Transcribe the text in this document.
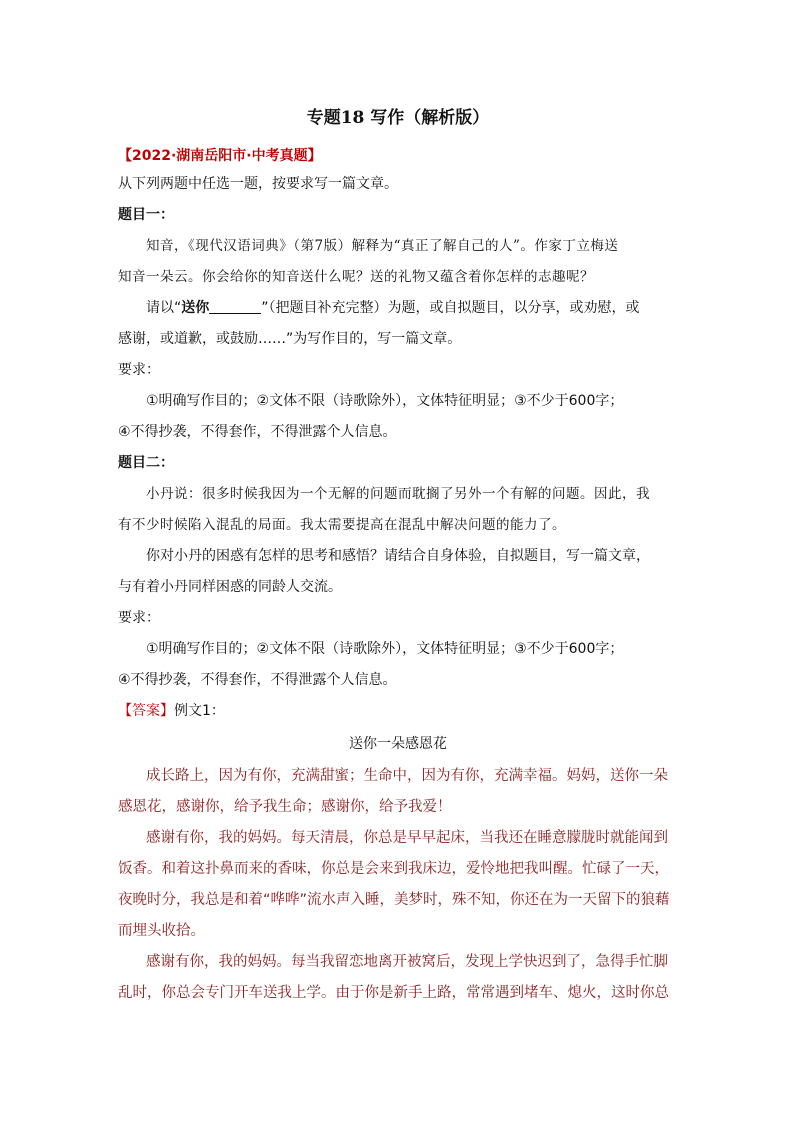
专题18 写作（解析版）
【2022·湖南岳阳市·中考真题】
从下列两题中任选一题，按要求写一篇文章。
题目一：
知音，《现代汉语词典》（第7版）解释为“真正了解自己的人”。作家丁立梅送
知音一朵云。你会给你的知音送什么呢？送的礼物又蕴含着你怎样的志趣呢？
请以“送你	”（把题目补充完整）为题，或自拟题目，以分享，或劝慰，或
感谢，或道歉，或鼓励……”为写作目的，写一篇文章。
要求：
①明确写作目的；②文体不限（诗歌除外），文体特征明显；③不少于600字；
④不得抄袭，不得套作，不得泄露个人信息。
题目二：
小丹说：很多时候我因为一个无解的问题而耽搁了另外一个有解的问题。因此，我
有不少时候陷入混乱的局面。我太需要提高在混乱中解决问题的能力了。
你对小丹的困惑有怎样的思考和感悟？请结合自身体验，自拟题目，写一篇文章，
与有着小丹同样困惑的同龄人交流。
要求：
①明确写作目的；②文体不限（诗歌除外），文体特征明显；③不少于600字；
④不得抄袭，不得套作，不得泄露个人信息。
【答案】例文1：
送你一朵感恩花
成长路上，因为有你，充满甜蜜；生命中，因为有你，充满幸福。妈妈，送你一朵
感恩花，感谢你，给予我生命；感谢你，给予我爱！
感谢有你，我的妈妈。每天清晨，你总是早早起床，当我还在睡意朦胧时就能闻到
饭香。和着这扑鼻而来的香味，你总是会来到我床边，爱怜地把我叫醒。忙碌了一天，
夜晚时分，我总是和着“哗哗”流水声入睡，美梦时，殊不知，你还在为一天留下的狼藉
而埋头收拾。
感谢有你，我的妈妈。每当我留恋地离开被窝后，发现上学快迟到了，急得手忙脚
乱时，你总会专门开车送我上学。由于你是新手上路，常常遇到堵车、熄火，这时你总
